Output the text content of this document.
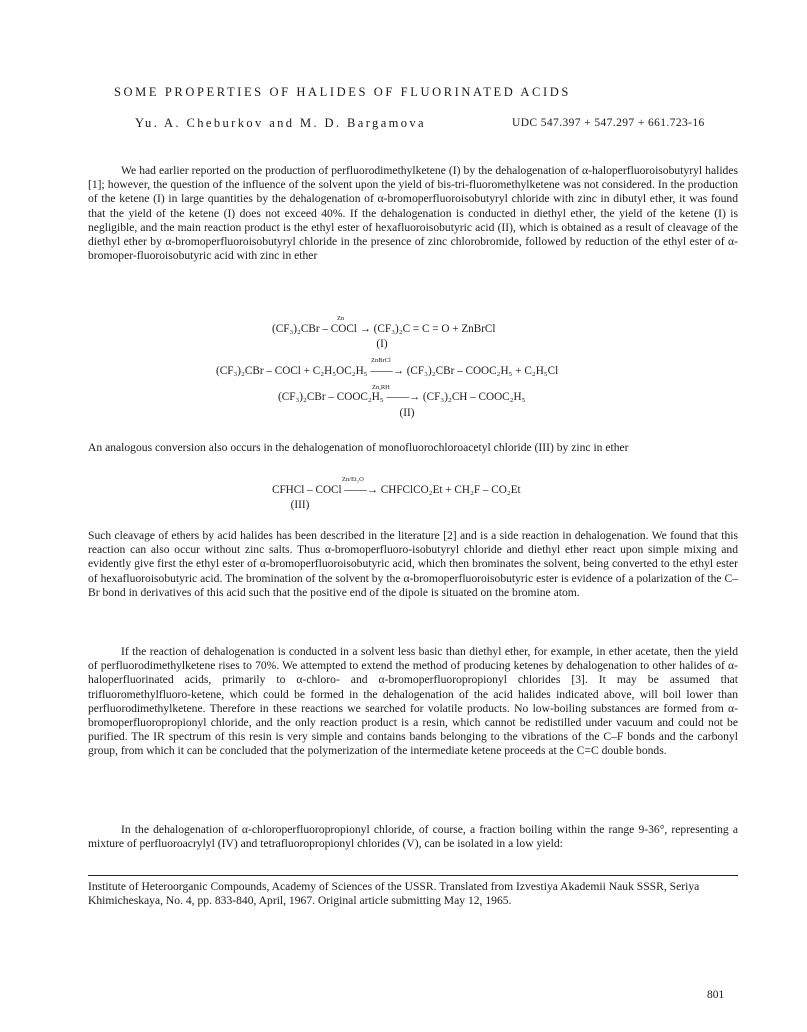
SOME PROPERTIES OF HALIDES OF FLUORINATED ACIDS
Yu. A. Cheburkov and M. D. Bargamova	UDC 547.397 + 547.297 + 661.723-16
We had earlier reported on the production of perfluorodimethylketene (I) by the dehalogenation of α-haloperfluoroisobutyryl halides [1]; however, the question of the influence of the solvent upon the yield of bis-tri-fluoromethylketene was not considered. In the production of the ketene (I) in large quantities by the dehalogenation of α-bromoperfluoroisobutyryl chloride with zinc in dibutyl ether, it was found that the yield of the ketene (I) does not exceed 40%. If the dehalogenation is conducted in diethyl ether, the yield of the ketene (I) is negligible, and the main reaction product is the ethyl ester of hexafluoroisobutyric acid (II), which is obtained as a result of cleavage of the diethyl ether by α-bromoperfluoroisobutyryl chloride in the presence of zinc chlorobromide, followed by reduction of the ethyl ester of α-bromoper-fluoroisobutyric acid with zinc in ether
Zn
(CF₃)₂CBr – COCl → (CF₃)₂C = C = O + ZnBrCl
(I)
ZnBrCl
(CF₃)₂CBr – COCl + C₂H₅OC₂H₅ ——→ (CF₃)₂CBr – COOC₂H₅ + C₂H₅Cl
Zn,RH
(CF₃)₂CBr – COOC₂H₅ ——→ (CF₃)₂CH – COOC₂H₅
(II)
An analogous conversion also occurs in the dehalogenation of monofluorochloroacetyl chloride (III) by zinc in ether
Zn/Et₂O
CFHCl – COCl ——→ CHFClCO₂Et + CH₂F – CO₂Et
(III)
Such cleavage of ethers by acid halides has been described in the literature [2] and is a side reaction in dehalogenation. We found that this reaction can also occur without zinc salts. Thus α-bromoperfluoro-isobutyryl chloride and diethyl ether react upon simple mixing and evidently give first the ethyl ester of α-bromoperfluoroisobutyric acid, which then brominates the solvent, being converted to the ethyl ester of hexafluoroisobutyric acid. The bromination of the solvent by the α-bromoperfluoroisobutyric ester is evidence of a polarization of the C–Br bond in derivatives of this acid such that the positive end of the dipole is situated on the bromine atom.
If the reaction of dehalogenation is conducted in a solvent less basic than diethyl ether, for example, in ether acetate, then the yield of perfluorodimethylketene rises to 70%. We attempted to extend the method of producing ketenes by dehalogenation to other halides of α-haloperfluorinated acids, primarily to α-chloro- and α-bromoperfluoropropionyl chlorides [3]. It may be assumed that trifluoromethylfluoro-ketene, which could be formed in the dehalogenation of the acid halides indicated above, will boil lower than perfluorodimethylketene. Therefore in these reactions we searched for volatile products. No low-boiling substances are formed from α-bromoperfluoropropionyl chloride, and the only reaction product is a resin, which cannot be redistilled under vacuum and could not be purified. The IR spectrum of this resin is very simple and contains bands belonging to the vibrations of the C–F bonds and the carbonyl group, from which it can be concluded that the polymerization of the intermediate ketene proceeds at the C=C double bonds.
In the dehalogenation of α-chloroperfluoropropionyl chloride, of course, a fraction boiling within the range 9-36°, representing a mixture of perfluoroacrylyl (IV) and tetrafluoropropionyl chlorides (V), can be isolated in a low yield:
Institute of Heteroorganic Compounds, Academy of Sciences of the USSR. Translated from Izvestiya Akademii Nauk SSSR, Seriya Khimicheskaya, No. 4, pp. 833-840, April, 1967. Original article submitting May 12, 1965.
801
